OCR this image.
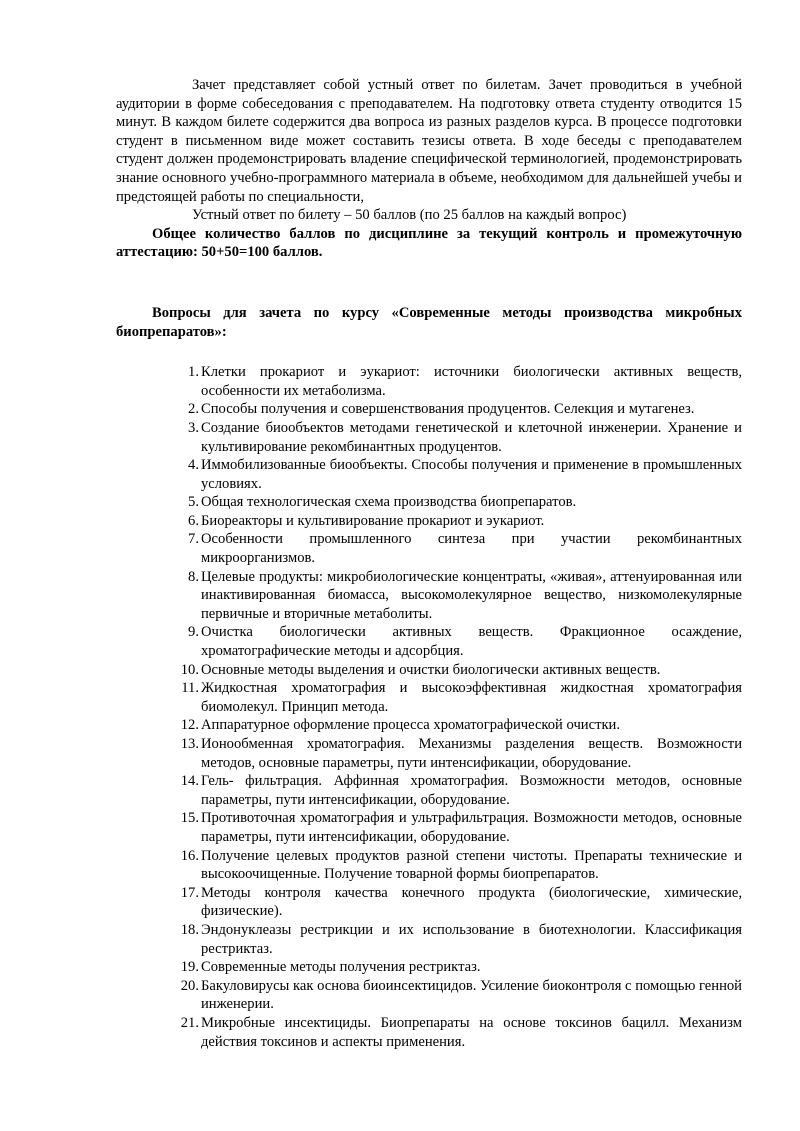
Зачет представляет собой устный ответ по билетам. Зачет проводиться в учебной аудитории в форме собеседования с преподавателем. На подготовку ответа студенту отводится 15 минут. В каждом билете содержится два вопроса из разных разделов курса. В процессе подготовки студент в письменном виде может составить тезисы ответа. В ходе беседы с преподавателем студент должен продемонстрировать владение специфической терминологией, продемонстрировать знание основного учебно-программного материала в объеме, необходимом для дальнейшей учебы и предстоящей работы по специальности,

Устный ответ по билету – 50 баллов (по 25 баллов на каждый вопрос)

Общее количество баллов по дисциплине за текущий контроль и промежуточную аттестацию: 50+50=100 баллов.

Вопросы для зачета по курсу «Современные методы производства микробных биопрепаратов»:

1. Клетки прокариот и эукариот: источники биологически активных веществ, особенности их метаболизма.
2. Способы получения и совершенствования продуцентов. Селекция и мутагенез.
3. Создание биообъектов методами генетической и клеточной инженерии. Хранение и культивирование рекомбинантных продуцентов.
4. Иммобилизованные биообъекты. Способы получения и применение в промышленных условиях.
5. Общая технологическая схема производства биопрепаратов.
6. Биореакторы и культивирование прокариот и эукариот.
7. Особенности промышленного синтеза при участии рекомбинантных микроорганизмов.
8. Целевые продукты: микробиологические концентраты, «живая», аттенуированная или инактивированная биомасса, высокомолекулярное вещество, низкомолекулярные первичные и вторичные метаболиты.
9. Очистка биологически активных веществ. Фракционное осаждение, хроматографические методы и адсорбция.
10. Основные методы выделения и очистки биологически активных веществ.
11. Жидкостная хроматография и высокоэффективная жидкостная хроматография биомолекул. Принцип метода.
12. Аппаратурное оформление процесса хроматографической очистки.
13. Ионообменная хроматография. Механизмы разделения веществ. Возможности методов, основные параметры, пути интенсификации, оборудование.
14. Гель- фильтрация. Аффинная хроматография. Возможности методов, основные параметры, пути интенсификации, оборудование.
15. Противоточная хроматография и ультрафильтрация. Возможности методов, основные параметры, пути интенсификации, оборудование.
16. Получение целевых продуктов разной степени чистоты. Препараты технические и высокоочищенные. Получение товарной формы биопрепаратов.
17. Методы контроля качества конечного продукта (биологические, химические, физические).
18. Эндонуклеазы рестрикции и их использование в биотехнологии. Классификация рестриктаз.
19. Современные методы получения рестриктаз.
20. Бакуловирусы как основа биоинсектицидов. Усиление биоконтроля с помощью генной инженерии.
21. Микробные инсектициды. Биопрепараты на основе токсинов бацилл. Механизм действия токсинов и аспекты применения.
